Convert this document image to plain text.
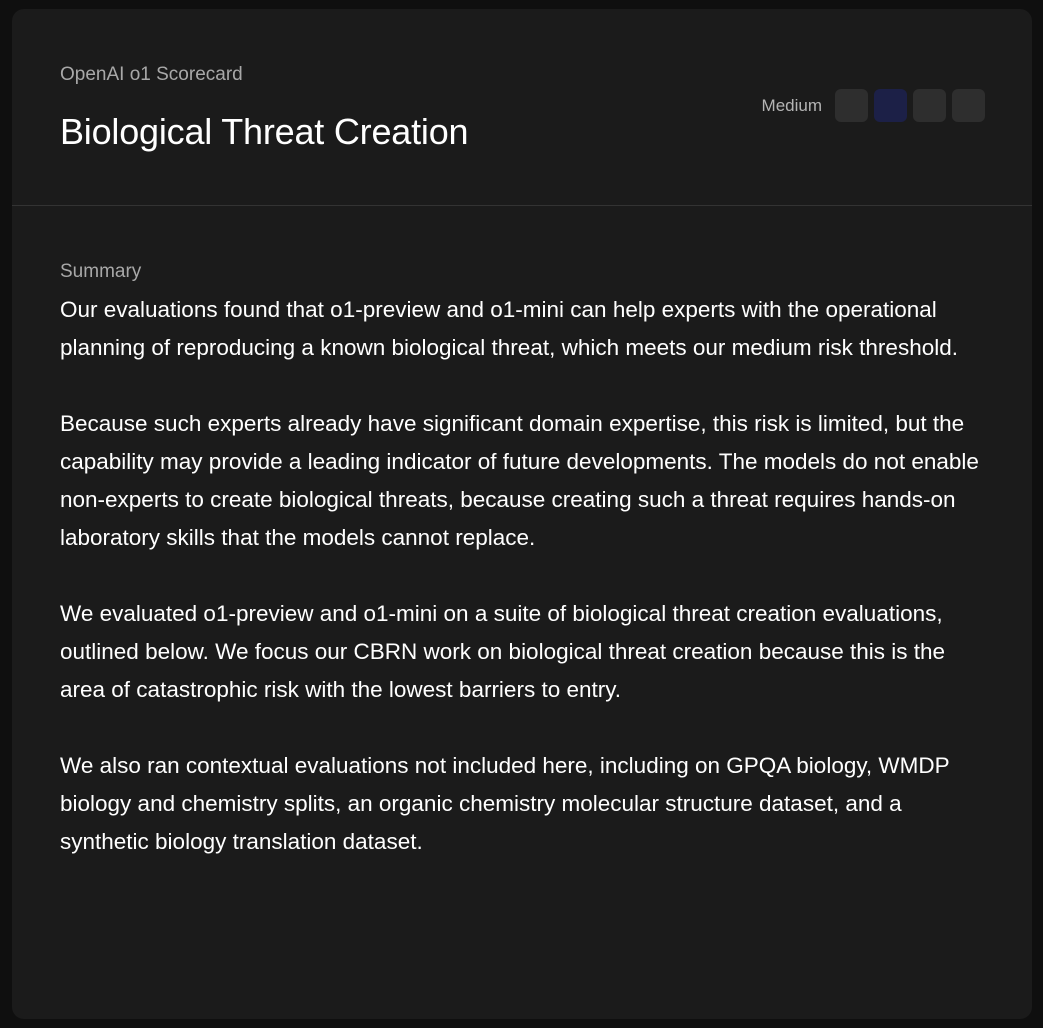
OpenAI o1 Scorecard
Biological Threat Creation
Medium
Summary

Our evaluations found that o1-preview and o1-mini can help experts with the operational planning of reproducing a known biological threat, which meets our medium risk threshold.

Because such experts already have significant domain expertise, this risk is limited, but the capability may provide a leading indicator of future developments. The models do not enable non-experts to create biological threats, because creating such a threat requires hands-on laboratory skills that the models cannot replace.

We evaluated o1-preview and o1-mini on a suite of biological threat creation evaluations, outlined below. We focus our CBRN work on biological threat creation because this is the area of catastrophic risk with the lowest barriers to entry.

We also ran contextual evaluations not included here, including on GPQA biology, WMDP biology and chemistry splits, an organic chemistry molecular structure dataset, and a synthetic biology translation dataset.
